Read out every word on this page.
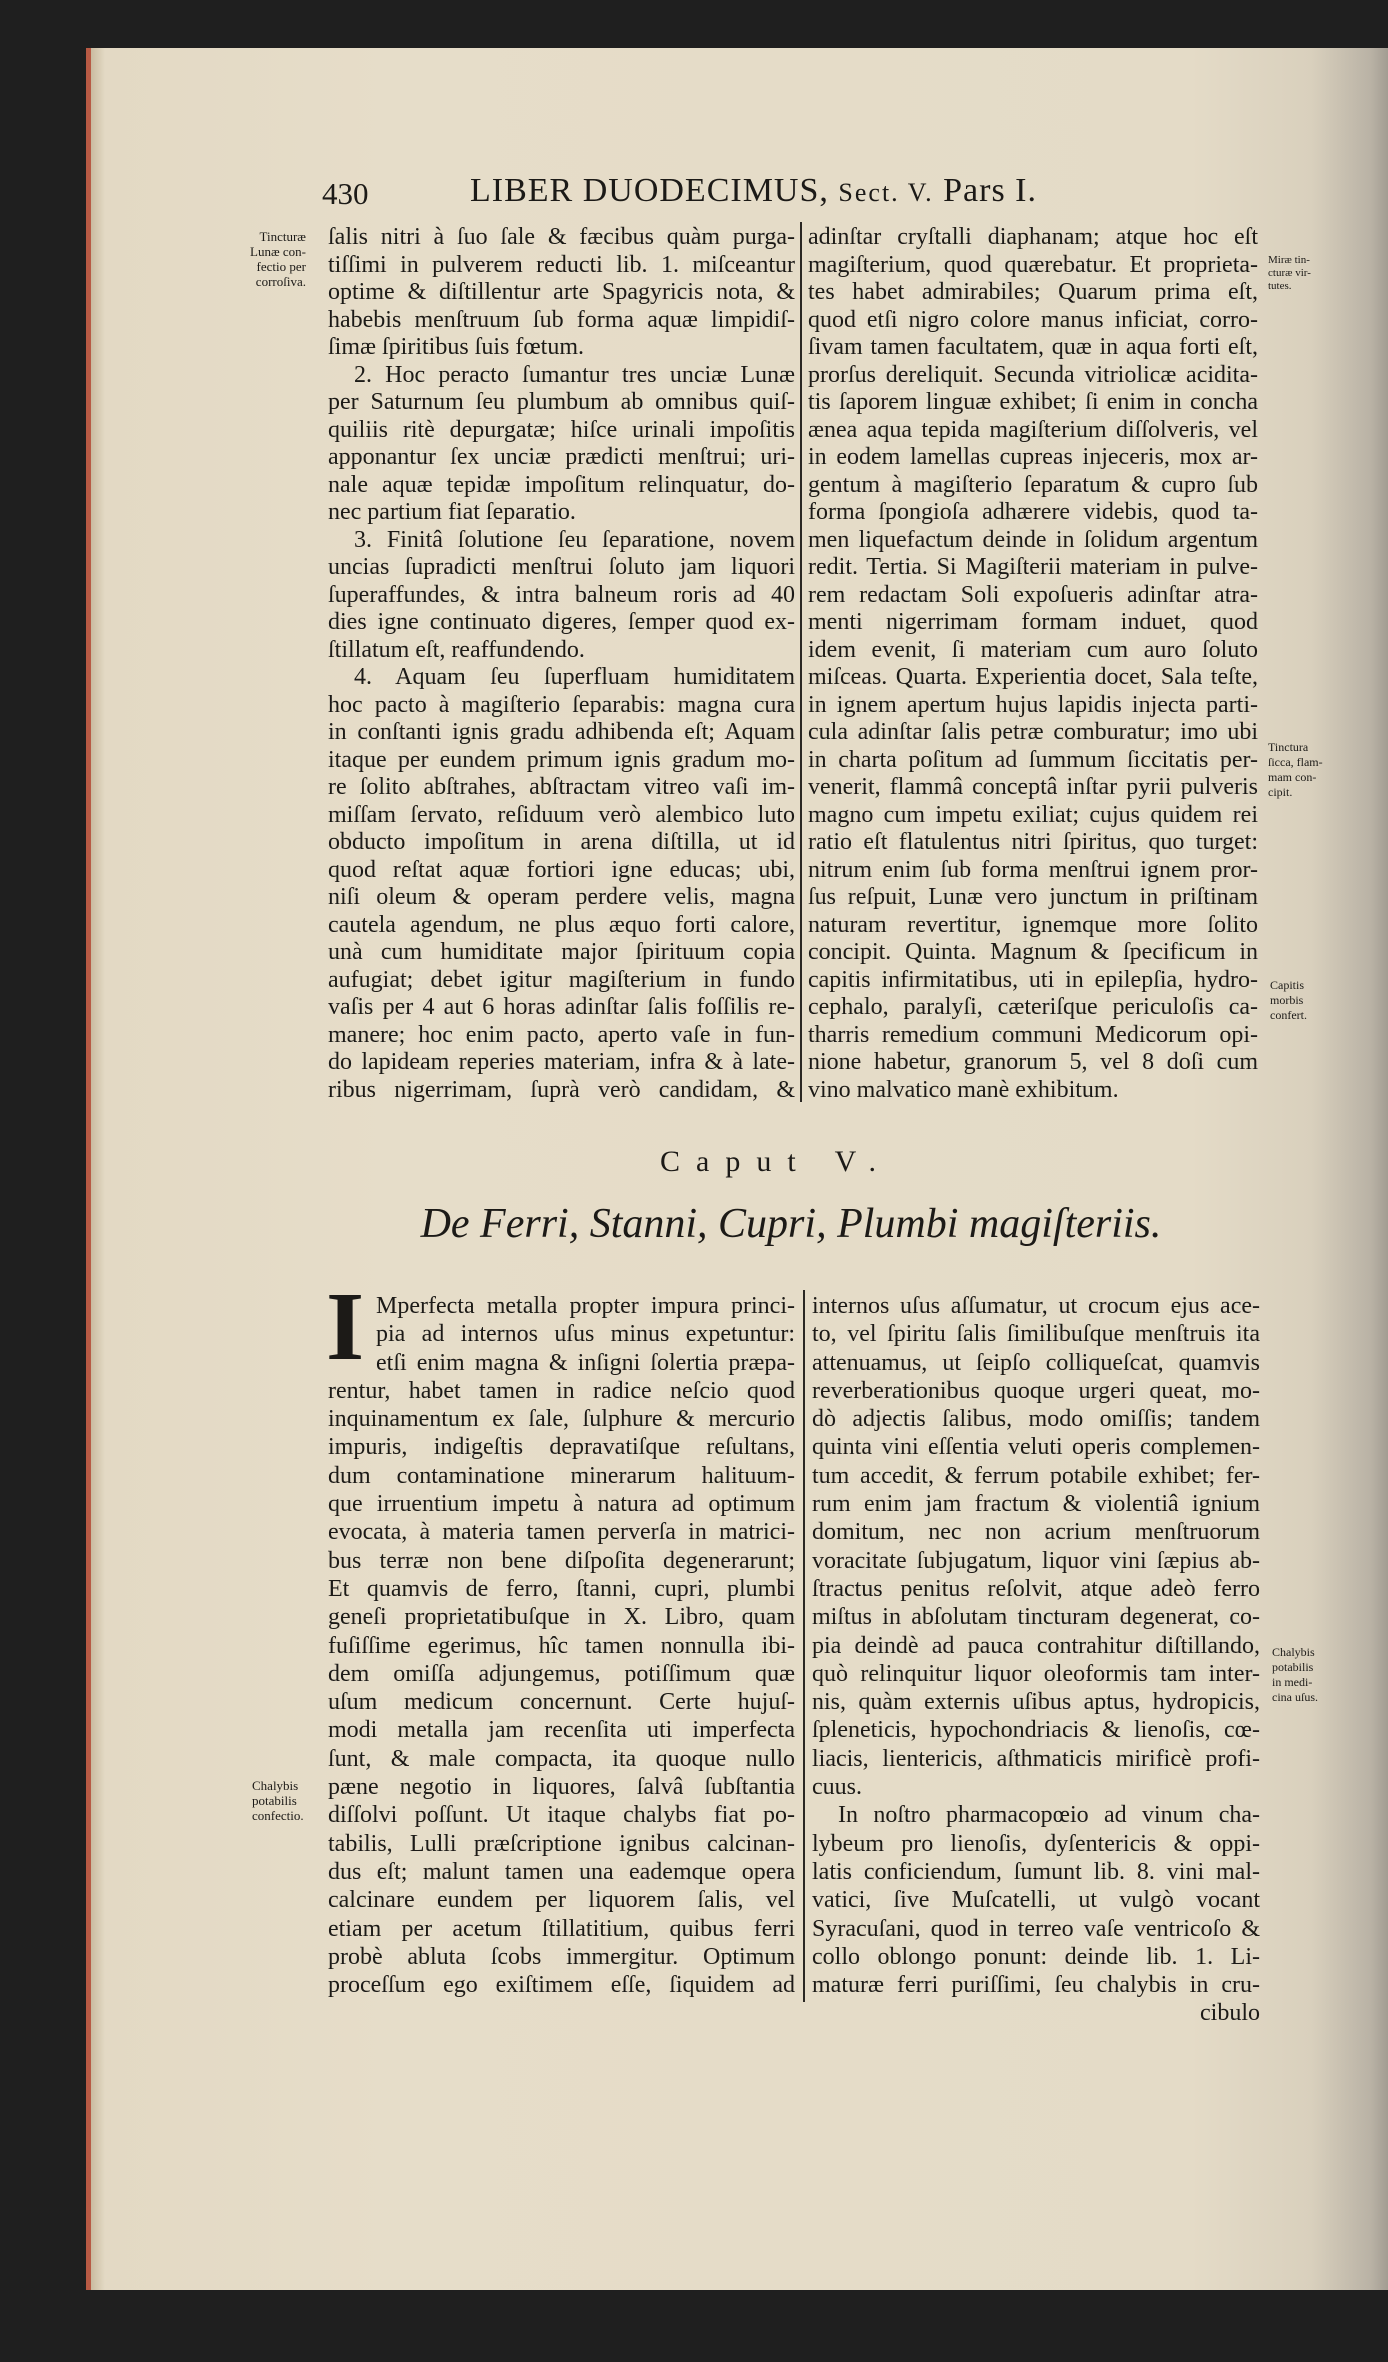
430	LIBER DUODECIMUS, Sect. V. Pars I.
ſalis nitri à ſuo ſale & fæcibus quàm purga-
tiſſimi in pulverem reducti lib. 1. miſceantur
optime & diſtillentur arte Spagyricis nota, &
habebis menſtruum ſub forma aquæ limpidiſ-
ſimæ ſpiritibus ſuis fœtum.
2. Hoc peracto ſumantur tres unciæ Lunæ
per Saturnum ſeu plumbum ab omnibus quiſ-
quiliis ritè depurgatæ; hiſce urinali impoſitis
apponantur ſex unciæ prædicti menſtrui; uri-
nale aquæ tepidæ impoſitum relinquatur, do-
nec partium fiat ſeparatio.
3. Finitâ ſolutione ſeu ſeparatione, novem
uncias ſupradicti menſtrui ſoluto jam liquori
ſuperaffundes, & intra balneum roris ad 40
dies igne continuato digeres, ſemper quod ex-
ſtillatum eſt, reaffundendo.
4. Aquam ſeu ſuperfluam humiditatem
hoc pacto à magiſterio ſeparabis: magna cura
in conſtanti ignis gradu adhibenda eſt; Aquam
itaque per eundem primum ignis gradum mo-
re ſolito abſtrahes, abſtractam vitreo vaſi im-
miſſam ſervato, reſiduum verò alembico luto
obducto impoſitum in arena diſtilla, ut id
quod reſtat aquæ fortiori igne educas; ubi,
niſi oleum & operam perdere velis, magna
cautela agendum, ne plus æquo forti calore,
unà cum humiditate major ſpirituum copia
aufugiat; debet igitur magiſterium in fundo
vaſis per 4 aut 6 horas adinſtar ſalis foſſilis re-
manere; hoc enim pacto, aperto vaſe in fun-
do lapideam reperies materiam, infra & à late-
ribus nigerrimam, ſuprà verò candidam, &
adinſtar cryſtalli diaphanam; atque hoc eſt
magiſterium, quod quærebatur. Et proprieta-
tes habet admirabiles; Quarum prima eſt,
quod etſi nigro colore manus inficiat, corro-
ſivam tamen facultatem, quæ in aqua forti eſt,
prorſus dereliquit. Secunda vitriolicæ acidita-
tis ſaporem linguæ exhibet; ſi enim in concha
ænea aqua tepida magiſterium diſſolveris, vel
in eodem lamellas cupreas injeceris, mox ar-
gentum à magiſterio ſeparatum & cupro ſub
forma ſpongioſa adhærere videbis, quod ta-
men liquefactum deinde in ſolidum argentum
redit. Tertia. Si Magiſterii materiam in pulve-
rem redactam Soli expoſueris adinſtar atra-
menti nigerrimam formam induet, quod
idem evenit, ſi materiam cum auro ſoluto
miſceas. Quarta. Experientia docet, Sala teſte,
in ignem apertum hujus lapidis injecta parti-
cula adinſtar ſalis petræ comburatur; imo ubi
in charta poſitum ad ſummum ſiccitatis per-
venerit, flammâ conceptâ inſtar pyrii pulveris
magno cum impetu exiliat; cujus quidem rei
ratio eſt flatulentus nitri ſpiritus, quo turget:
nitrum enim ſub forma menſtrui ignem pror-
ſus reſpuit, Lunæ vero junctum in priſtinam
naturam revertitur, ignemque more ſolito
concipit. Quinta. Magnum & ſpecificum in
capitis infirmitatibus, uti in epilepſia, hydro-
cephalo, paralyſi, cæteriſque periculoſis ca-
tharris remedium communi Medicorum opi-
nione habetur, granorum 5, vel 8 doſi cum
vino malvatico manè exhibitum.
Caput V.
De Ferri, Stanni, Cupri, Plumbi magiſteriis.
I Mperfecta metalla propter impura princi-
pia ad internos uſus minus expetuntur:
etſi enim magna & inſigni ſolertia præpa-
rentur, habet tamen in radice neſcio quod
inquinamentum ex ſale, ſulphure & mercurio
impuris, indigeſtis depravatiſque reſultans,
dum contaminatione minerarum halituum-
que irruentium impetu à natura ad optimum
evocata, à materia tamen perverſa in matrici-
bus terræ non bene diſpoſita degenerarunt;
Et quamvis de ferro, ſtanni, cupri, plumbi
geneſi proprietatibuſque in X. Libro, quam
fuſiſſime egerimus, hîc tamen nonnulla ibi-
dem omiſſa adjungemus, potiſſimum quæ
uſum medicum concernunt. Certe hujuſ-
modi metalla jam recenſita uti imperfecta
ſunt, & male compacta, ita quoque nullo
pæne negotio in liquores, ſalvâ ſubſtantia
diſſolvi poſſunt. Ut itaque chalybs fiat po-
tabilis, Lulli præſcriptione ignibus calcinan-
dus eſt; malunt tamen una eademque opera
calcinare eundem per liquorem ſalis, vel
etiam per acetum ſtillatitium, quibus ferri
probè abluta ſcobs immergitur. Optimum
proceſſum ego exiſtimem eſſe, ſiquidem ad
internos uſus aſſumatur, ut crocum ejus ace-
to, vel ſpiritu ſalis ſimilibuſque menſtruis ita
attenuamus, ut ſeipſo colliqueſcat, quamvis
reverberationibus quoque urgeri queat, mo-
dò adjectis ſalibus, modo omiſſis; tandem
quinta vini eſſentia veluti operis complemen-
tum accedit, & ferrum potabile exhibet; fer-
rum enim jam fractum & violentiâ ignium
domitum, nec non acrium menſtruorum
voracitate ſubjugatum, liquor vini ſæpius ab-
ſtractus penitus reſolvit, atque adeò ferro
miſtus in abſolutam tincturam degenerat, co-
pia deindè ad pauca contrahitur diſtillando,
quò relinquitur liquor oleoformis tam inter-
nis, quàm externis uſibus aptus, hydropicis,
ſpleneticis, hypochondriacis & lienoſis, cœ-
liacis, lientericis, aſthmaticis mirificè profi-
cuus.
In noſtro pharmacopœio ad vinum cha-
lybeum pro lienoſis, dyſentericis & oppi-
latis conficiendum, ſumunt lib. 8. vini mal-
vatici, ſive Muſcatelli, ut vulgò vocant
Syracuſani, quod in terreo vaſe ventricoſo &
collo oblongo ponunt: deinde lib. 1. Li-
maturæ ferri puriſſimi, ſeu chalybis in cru-
cibulo
Tincturæ
Lunæ con-
fectio per
corroſiva.
Miræ tin-
cturæ vir-
tutes.
Tinctura
ſicca, flam-
mam con-
cipit.
Capitis
morbis
confert.
Chalybis
potabilis
confectio.
Chalybis
potabilis
in medi-
cina uſus.
